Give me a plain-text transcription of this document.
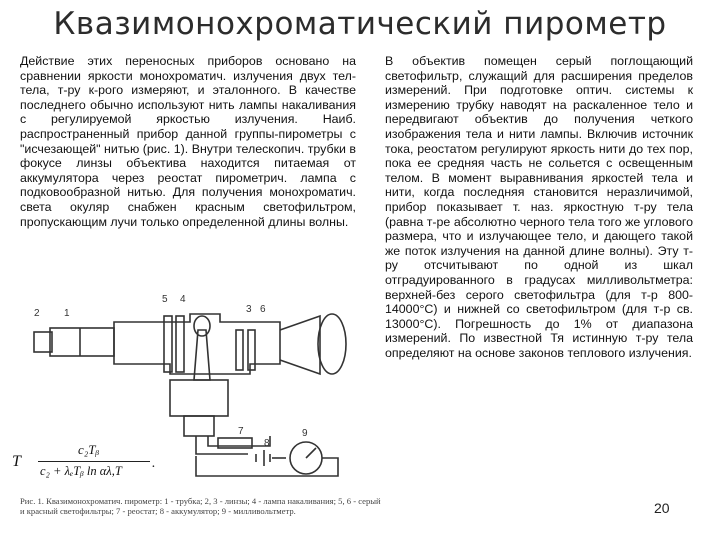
Квазимонохроматический пирометр
Действие этих переносных приборов основано на сравнении яркости монохроматич. излучения двух тел-тела, т-ру к-рого измеряют, и эталонного. В качестве последнего обычно используют нить лампы накаливания с регулируемой яркостью излучения. Наиб. распространенный прибор данной группы-пирометры с "исчезающей" нитью (рис. 1). Внутри телескопич. трубки в фокусе линзы объектива находится питаемая от аккумулятора через реостат пирометрич. лампа с подковообразной нитью. Для получения монохроматич. света окуляр снабжен красным светофильтром, пропускающим лучи только определенной длины волны.
В объектив помещен серый поглощающий светофильтр, служащий для расширения пределов измерений. При подготовке оптич. системы к измерению трубку наводят на раскаленное тело и передвигают объектив до получения четкого изображения тела и нити лампы. Включив источник тока, реостатом регулируют яркость нити до тех пор, пока ее средняя часть не сольется с освещенным телом. В момент выравнивания яркостей тела и нити, когда последняя становится неразличимой, прибор показывает т. наз. яркостную т-ру тела (равна т-ре абсолютно черного тела того же углового размера, что и излучающее тело, и дающего такой же поток излучения на данной длине волны). Эту т-ру отсчитывают по одной из шкал отградуированного в градусах милливольтметра: верхней-без серого светофильтра (для т-р 800-14000°С) и нижней со светофильтром (для т-р св. 13000°С). Погрешность до 1% от диапазона измерений. По известной Тя истинную т-ру тела определяют на основе законов теплового излучения.
2 1
5 4
3 6
7
8
9
T
c₂Tᵦ
c₂ + λₑTᵦ ln αλ,T .
Рис. 1. Квазимонохроматич. пирометр: 1 - трубка; 2, 3 - линзы; 4 - лампа накаливания; 5, 6 - серый и красный светофильтры; 7 - реостат; 8 - аккумулятор; 9 - милливольтметр.	20
